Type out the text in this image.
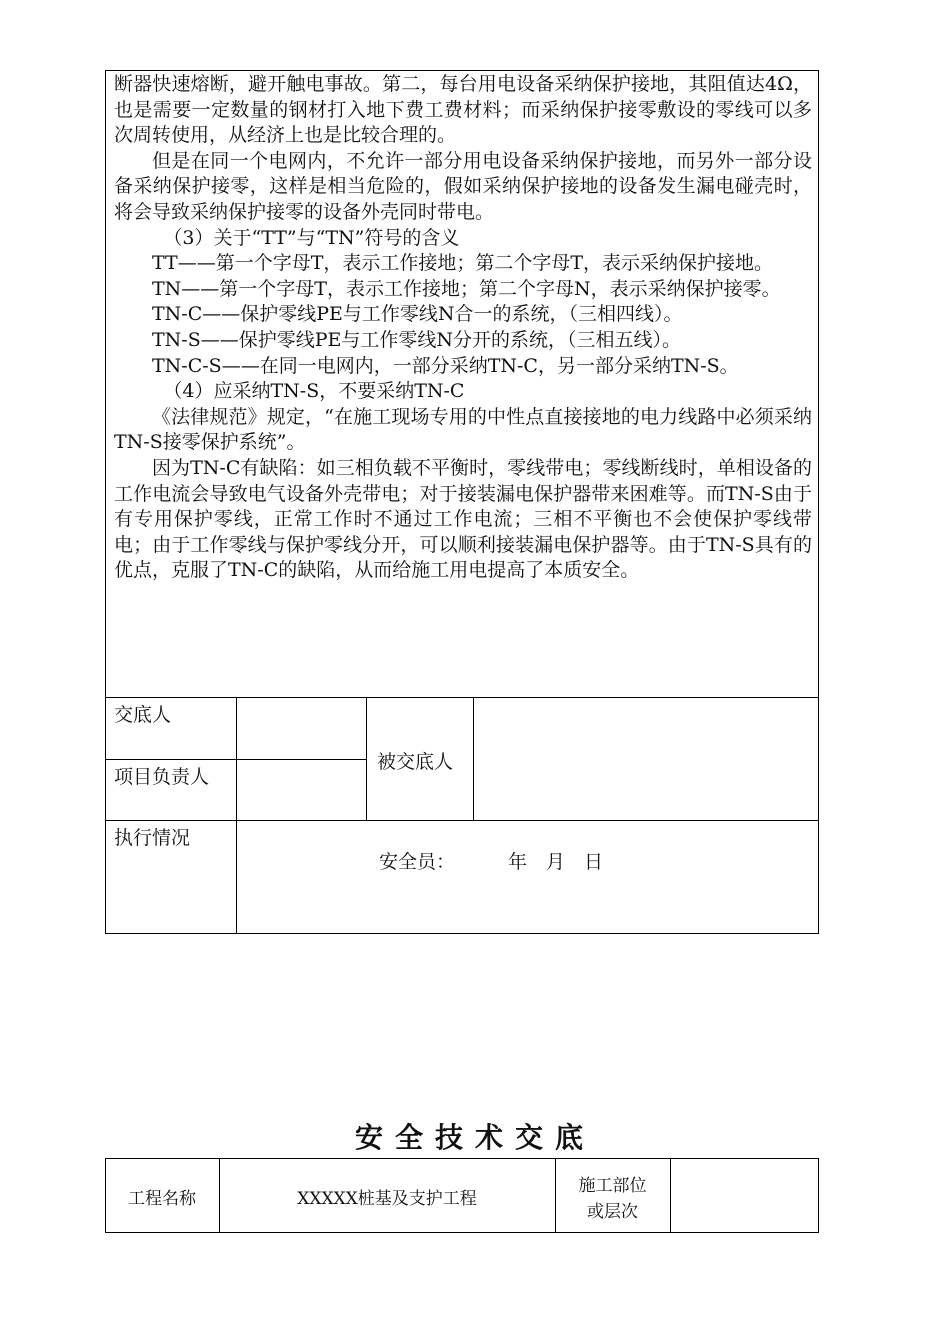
断器快速熔断，避开触电事故。第二，每台用电设备采纳保护接地，其阻值达4Ω，也是需要一定数量的钢材打入地下费工费材料；而采纳保护接零敷设的零线可以多次周转使用，从经济上也是比较合理的。

但是在同一个电网内，不允许一部分用电设备采纳保护接地，而另外一部分设备采纳保护接零，这样是相当危险的，假如采纳保护接地的设备发生漏电碰壳时，将会导致采纳保护接零的设备外壳同时带电。

（3）关于“TT”与“TN”符号的含义

TT——第一个字母T，表示工作接地；第二个字母T，表示采纳保护接地。

TN——第一个字母T，表示工作接地；第二个字母N，表示采纳保护接零。

TN-C——保护零线PE与工作零线N合一的系统，（三相四线）。

TN-S——保护零线PE与工作零线N分开的系统，（三相五线）。

TN-C-S——在同一电网内，一部分采纳TN-C，另一部分采纳TN-S。

（4）应采纳TN-S，不要采纳TN-C

《法律规范》规定，“在施工现场专用的中性点直接接地的电力线路中必须采纳TN-S接零保护系统”。

因为TN-C有缺陷：如三相负载不平衡时，零线带电；零线断线时，单相设备的工作电流会导致电气设备外壳带电；对于接装漏电保护器带来困难等。而TN-S由于有专用保护零线，正常工作时不通过工作电流；三相不平衡也不会使保护零线带电；由于工作零线与保护零线分开，可以顺利接装漏电保护器等。由于TN-S具有的优点，克服了TN-C的缺陷，从而给施工用电提高了本质安全。

交底人
项目负责人
被交底人
执行情况
安全员：	年　月　日
安全技术交底
工程名称	XXXXX桩基及支护工程
施工部位
或层次
